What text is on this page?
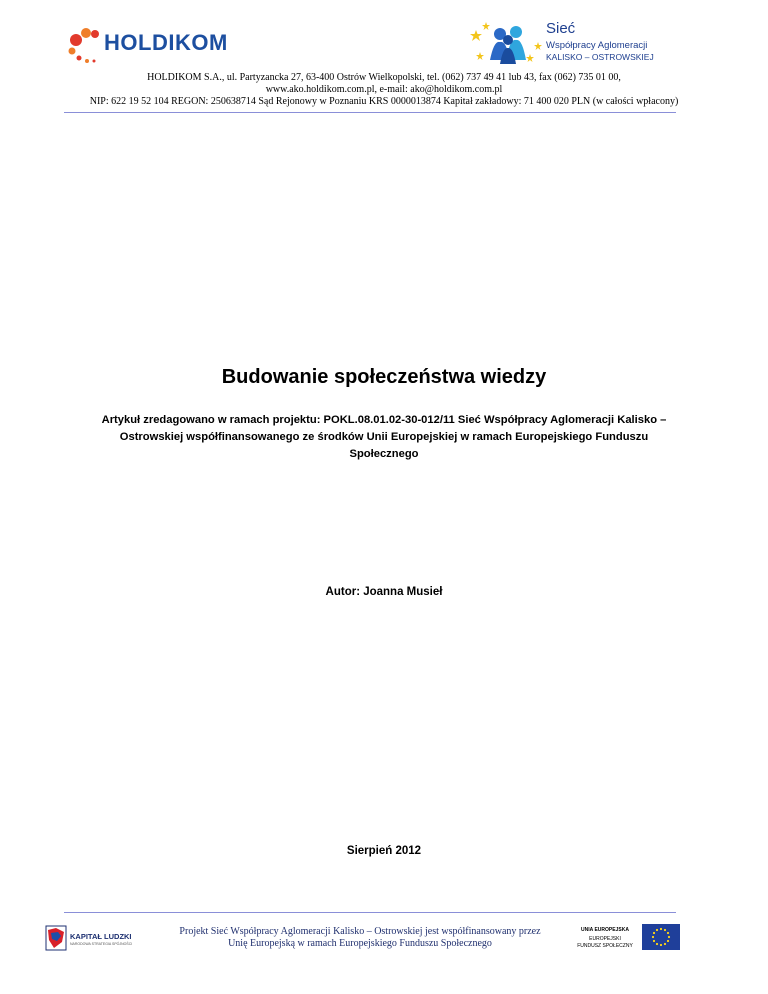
HOLDIKOM
Sieć
Współpracy Aglomeracji
KALISKO – OSTROWSKIEJ
HOLDIKOM S.A., ul. Partyzancka 27, 63-400 Ostrów Wielkopolski, tel. (062) 737 49 41 lub 43, fax (062) 735 01 00,
www.ako.holdikom.com.pl, e-mail: ako@holdikom.com.pl
NIP: 622 19 52 104 REGON: 250638714 Sąd Rejonowy w Poznaniu KRS 0000013874 Kapitał zakładowy: 71 400 020 PLN (w całości wpłacony)
Budowanie społeczeństwa wiedzy
Artykuł zredagowano w ramach projektu: POKL.08.01.02-30-012/11 Sieć Współpracy Aglomeracji Kalisko – Ostrowskiej współfinansowanego ze środków Unii Europejskiej w ramach Europejskiego Funduszu Społecznego
Autor: Joanna Musieł
Sierpień 2012
KAPITAŁ LUDZKI
NARODOWA STRATEGIA SPÓJNOŚCI
Projekt Sieć Współpracy Aglomeracji Kalisko – Ostrowskiej jest współfinansowany przez
Unię Europejską w ramach Europejskiego Funduszu Społecznego
UNIA EUROPEJSKA
EUROPEJSKI
FUNDUSZ SPOŁECZNY
